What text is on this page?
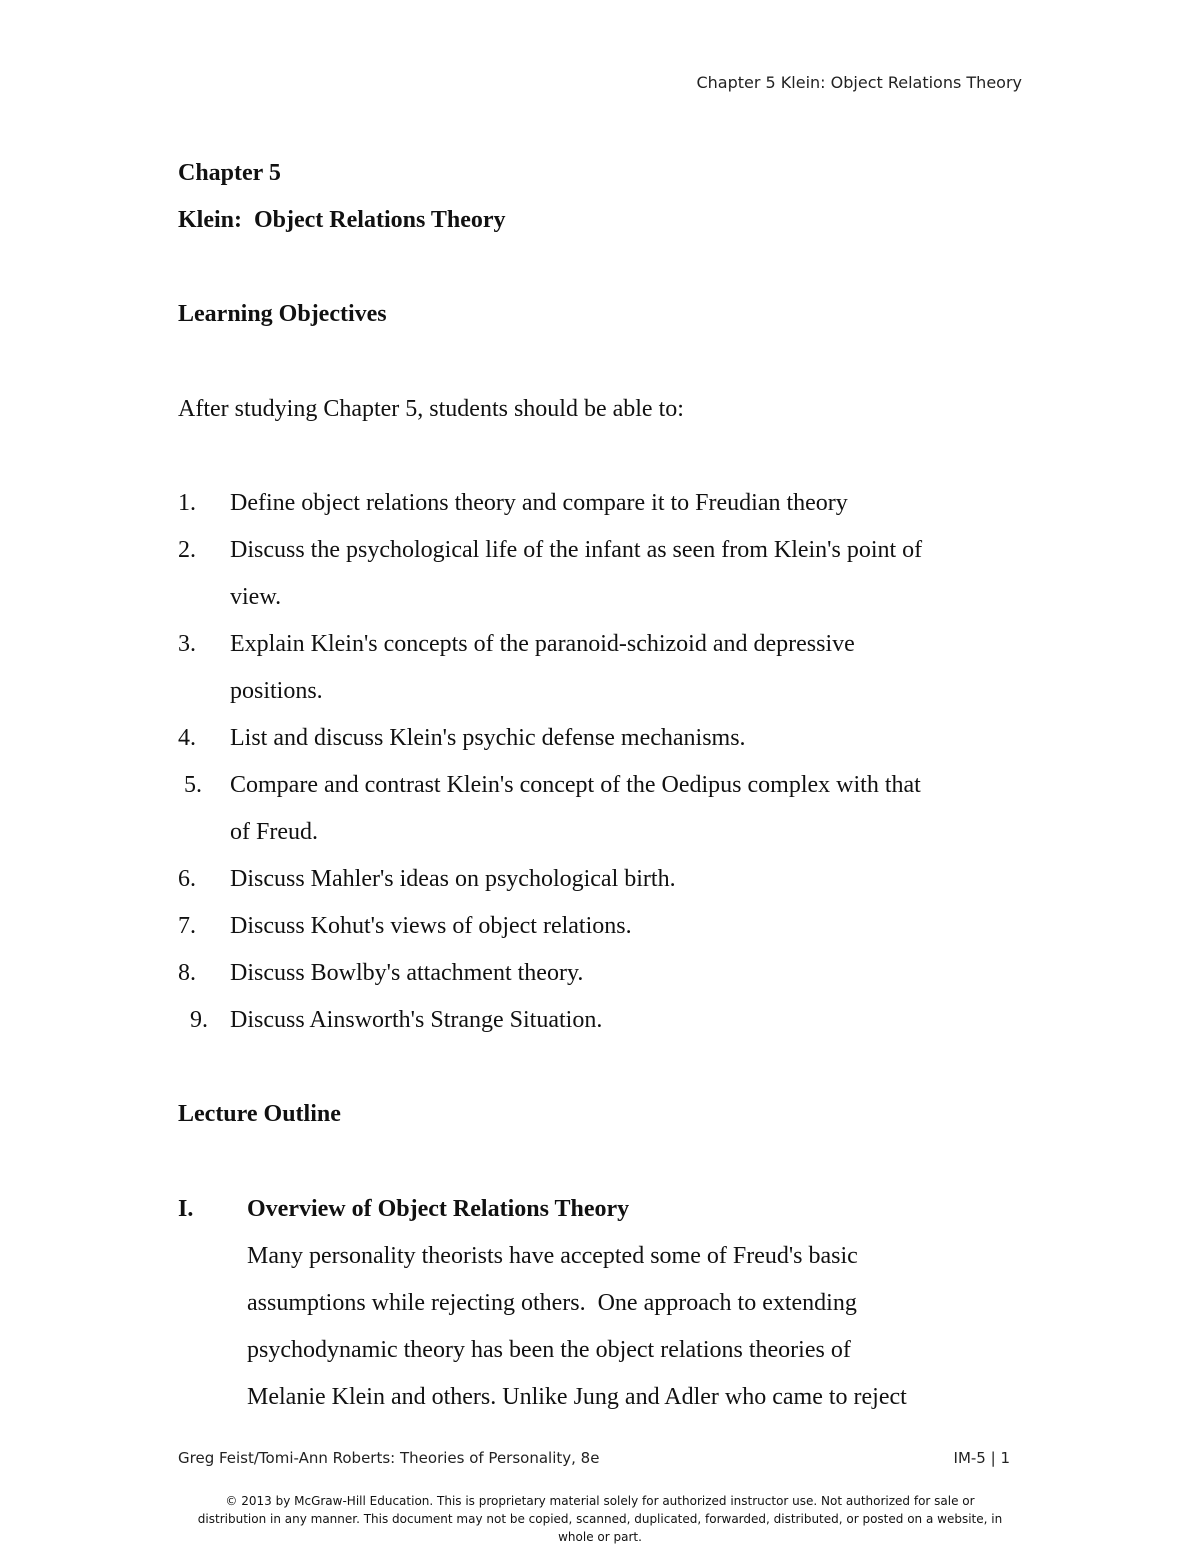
Chapter 5 Klein: Object Relations Theory
Chapter 5
Klein:  Object Relations Theory
Learning Objectives
After studying Chapter 5, students should be able to:
1. Define object relations theory and compare it to Freudian theory
2. Discuss the psychological life of the infant as seen from Klein's point of
view.
3. Explain Klein's concepts of the paranoid-schizoid and depressive
positions.
4. List and discuss Klein's psychic defense mechanisms.
5. Compare and contrast Klein's concept of the Oedipus complex with that
of Freud.
6. Discuss Mahler's ideas on psychological birth.
7. Discuss Kohut's views of object relations.
8. Discuss Bowlby's attachment theory.
9. Discuss Ainsworth's Strange Situation.
Lecture Outline
I. Overview of Object Relations Theory
Many personality theorists have accepted some of Freud's basic
assumptions while rejecting others.  One approach to extending
psychodynamic theory has been the object relations theories of
Melanie Klein and others. Unlike Jung and Adler who came to reject
Greg Feist/Tomi-Ann Roberts: Theories of Personality, 8e	IM-5 | 1
© 2013 by McGraw-Hill Education. This is proprietary material solely for authorized instructor use. Not authorized for sale or
distribution in any manner. This document may not be copied, scanned, duplicated, forwarded, distributed, or posted on a website, in
whole or part.
